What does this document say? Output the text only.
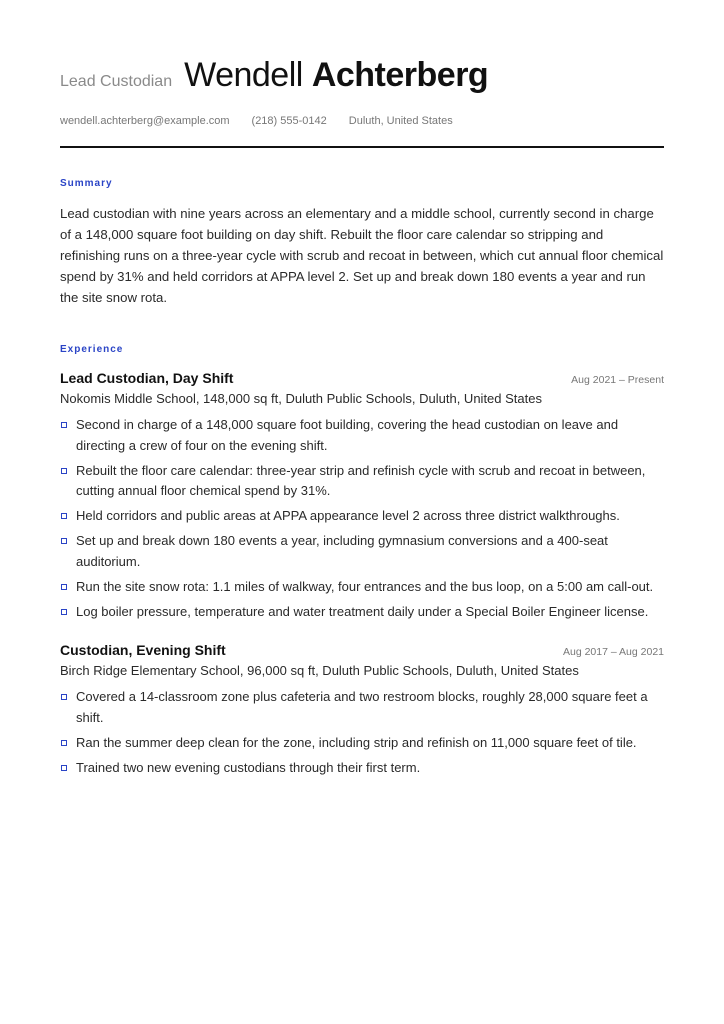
Lead Custodian Wendell Achterberg
wendell.achterberg@example.com (218) 555-0142 Duluth, United States
Summary
Lead custodian with nine years across an elementary and a middle school, currently second in charge of a 148,000 square foot building on day shift. Rebuilt the floor care calendar so stripping and refinishing runs on a three-year cycle with scrub and recoat in between, which cut annual floor chemical spend by 31% and held corridors at APPA level 2. Set up and break down 180 events a year and run the site snow rota.
Experience
Lead Custodian, Day Shift	Aug 2021 – Present
Nokomis Middle School, 148,000 sq ft, Duluth Public Schools, Duluth, United States
Second in charge of a 148,000 square foot building, covering the head custodian on leave and directing a crew of four on the evening shift.
Rebuilt the floor care calendar: three-year strip and refinish cycle with scrub and recoat in between, cutting annual floor chemical spend by 31%.
Held corridors and public areas at APPA appearance level 2 across three district walkthroughs.
Set up and break down 180 events a year, including gymnasium conversions and a 400-seat auditorium.
Run the site snow rota: 1.1 miles of walkway, four entrances and the bus loop, on a 5:00 am call-out.
Log boiler pressure, temperature and water treatment daily under a Special Boiler Engineer license.
Custodian, Evening Shift	Aug 2017 – Aug 2021
Birch Ridge Elementary School, 96,000 sq ft, Duluth Public Schools, Duluth, United States
Covered a 14-classroom zone plus cafeteria and two restroom blocks, roughly 28,000 square feet a shift.
Ran the summer deep clean for the zone, including strip and refinish on 11,000 square feet of tile.
Trained two new evening custodians through their first term.
